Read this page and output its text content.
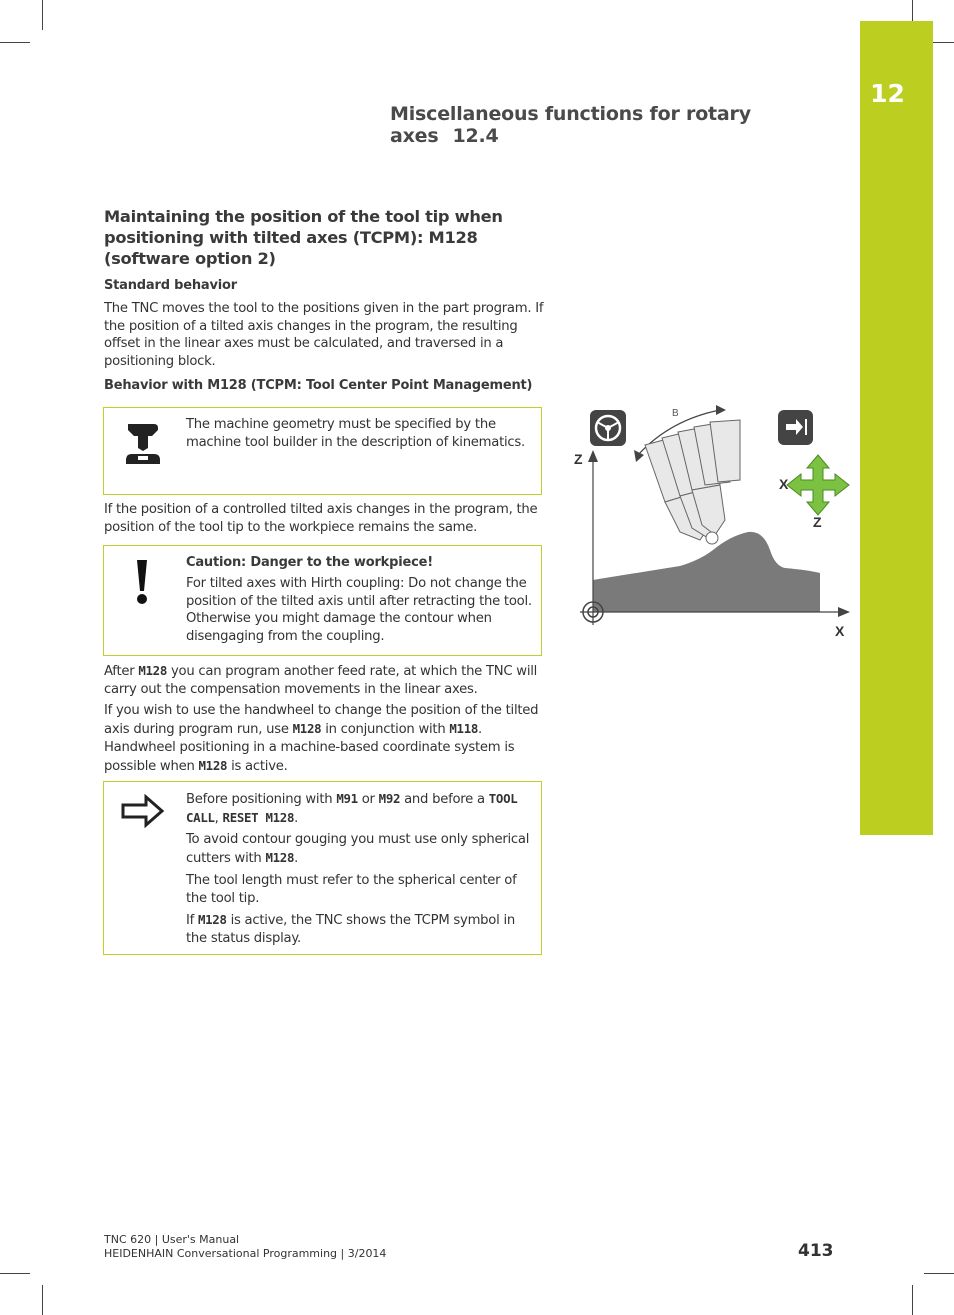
12
Miscellaneous functions for rotary axes 12.4
Maintaining the position of the tool tip when positioning with tilted axes (TCPM): M128 (software option 2)
Standard behavior

The TNC moves the tool to the positions given in the part program. If the position of a tilted axis changes in the program, the resulting offset in the linear axes must be calculated, and traversed in a positioning block.

Behavior with M128 (TCPM: Tool Center Point Management)

The machine geometry must be specified by the machine tool builder in the description of kinematics.

If the position of a controlled tilted axis changes in the program, the position of the tool tip to the workpiece remains the same.

Caution: Danger to the workpiece!

For tilted axes with Hirth coupling: Do not change the position of the tilted axis until after retracting the tool. Otherwise you might damage the contour when disengaging from the coupling.

After M128 you can program another feed rate, at which the TNC will carry out the compensation movements in the linear axes.

If you wish to use the handwheel to change the position of the tilted axis during program run, use M128 in conjunction with M118. Handwheel positioning in a machine-based coordinate system is possible when M128 is active.

Before positioning with M91 or M92 and before a TOOL CALL, RESET M128.

To avoid contour gouging you must use only spherical cutters with M128.

The tool length must refer to the spherical center of the tool tip.

If M128 is active, the TNC shows the TCPM symbol in the status display.

Z
X
B
X
Z
TNC 620 | User's Manual
HEIDENHAIN Conversational Programming | 3/2014	413
